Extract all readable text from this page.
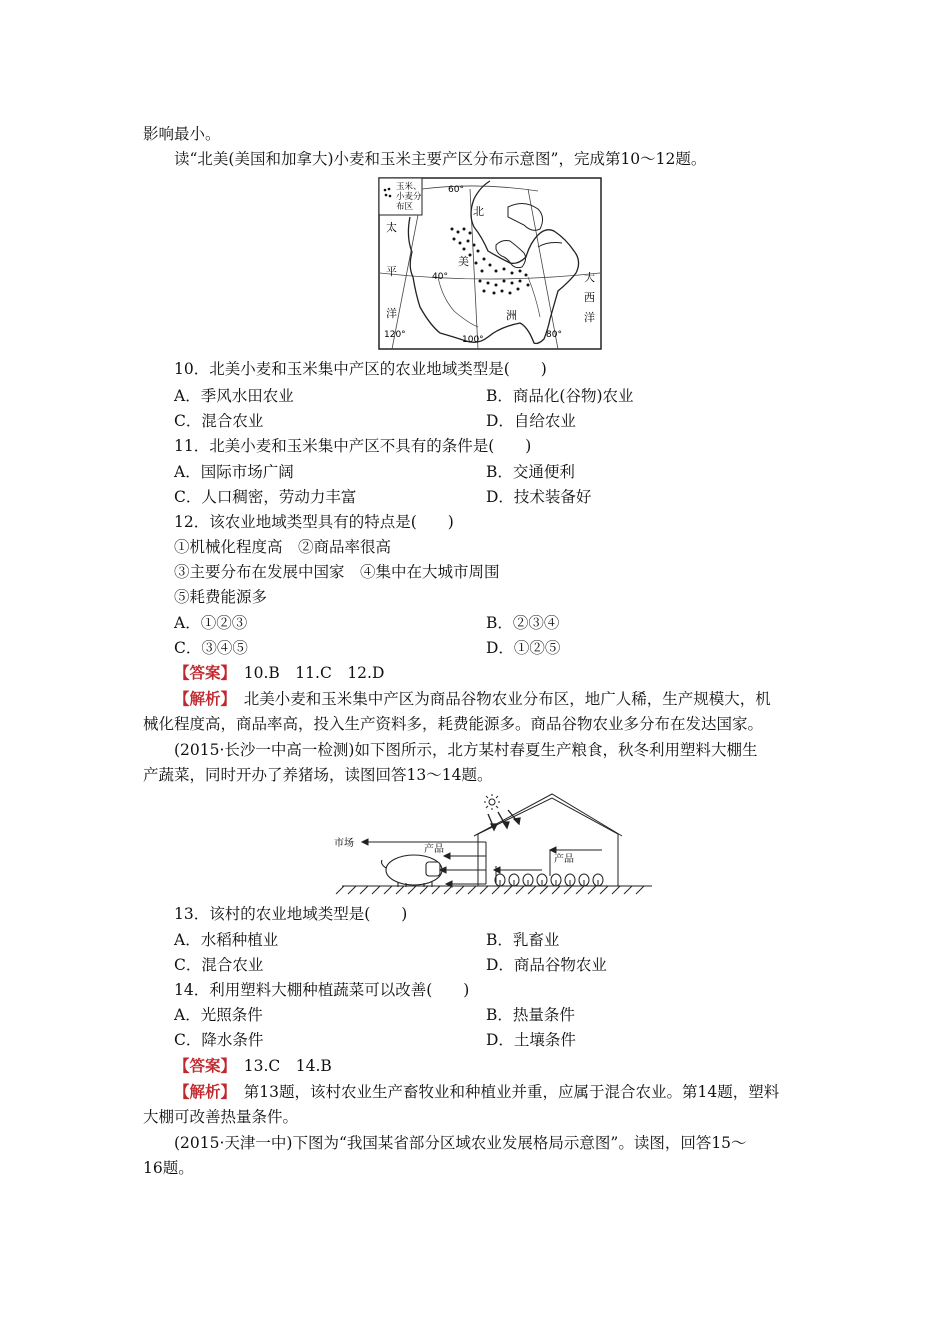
影响最小。
读“北美(美国和加拿大)小麦和玉米主要产区分布示意图”，完成第10～12题。
玉米、
小麦分
布区
60°
40°
120°	100°	80°
北
美
洲
太
平
洋
大
西
洋
10．北美小麦和玉米集中产区的农业地域类型是(　　)
A．季风水田农业	B．商品化(谷物)农业
C．混合农业	D．自给农业
11．北美小麦和玉米集中产区不具有的条件是(　　)
A．国际市场广阔	B．交通便利
C．人口稠密，劳动力丰富	D．技术装备好
12．该农业地域类型具有的特点是(　　)
①机械化程度高　②商品率很高
③主要分布在发展中国家　④集中在大城市周围
⑤耗费能源多
A．①②③	B．②③④
C．③④⑤	D．①②⑤
【答案】　10.B　11.C　12.D
【解析】　北美小麦和玉米集中产区为商品谷物农业分布区，地广人稀，生产规模大，机
械化程度高，商品率高，投入生产资料多，耗费能源多。商品谷物农业多分布在发达国家。
(2015·长沙一中高一检测)如下图所示，北方某村春夏生产粮食，秋冬利用塑料大棚生
产蔬菜，同时开办了养猪场，读图回答13～14题。
市场
产品
产品
13．该村的农业地域类型是(　　)
A．水稻种植业	B．乳畜业
C．混合农业	D．商品谷物农业
14．利用塑料大棚种植蔬菜可以改善(　　)
A．光照条件	B．热量条件
C．降水条件	D．土壤条件
【答案】　13.C　14.B
【解析】　第13题，该村农业生产畜牧业和种植业并重，应属于混合农业。第14题，塑料
大棚可改善热量条件。
(2015·天津一中)下图为“我国某省部分区域农业发展格局示意图”。读图，回答15～
16题。
